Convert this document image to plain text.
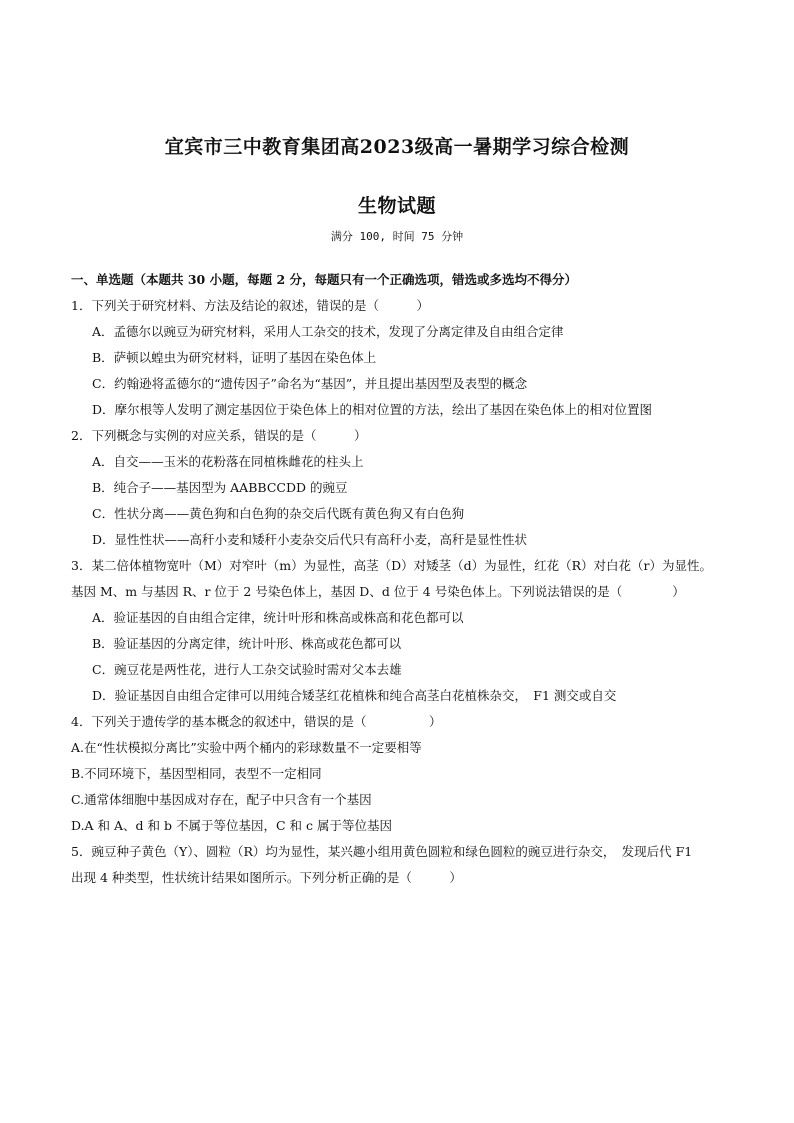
宜宾市三中教育集团高2023级高一暑期学习综合检测
生物试题
满分 100, 时间 75 分钟
一、单选题（本题共 30 小题，每题 2 分，每题只有一个正确选项，错选或多选均不得分）
1．下列关于研究材料、方法及结论的叙述，错误的是（　　　）
A．孟德尔以豌豆为研究材料，采用人工杂交的技术，发现了分离定律及自由组合定律
B．萨顿以蝗虫为研究材料，证明了基因在染色体上
C．约翰逊将孟德尔的“遗传因子”命名为“基因”，并且提出基因型及表型的概念
D．摩尔根等人发明了测定基因位于染色体上的相对位置的方法，绘出了基因在染色体上的相对位置图
2．下列概念与实例的对应关系，错误的是（　　　）
A．自交——玉米的花粉落在同植株雌花的柱头上
B．纯合子——基因型为 AABBCCDD 的豌豆
C．性状分离——黄色狗和白色狗的杂交后代既有黄色狗又有白色狗
D．显性性状——高秆小麦和矮秆小麦杂交后代只有高秆小麦，高秆是显性性状
3．某二倍体植物宽叶（M）对窄叶（m）为显性，高茎（D）对矮茎（d）为显性，红花（R）对白花（r）为显性。
基因 M、m 与基因 R、r 位于 2 号染色体上，基因 D、d 位于 4 号染色体上。下列说法错误的是（　　　　）
A．验证基因的自由组合定律，统计叶形和株高或株高和花色都可以
B．验证基因的分离定律，统计叶形、株高或花色都可以
C．豌豆花是两性花，进行人工杂交试验时需对父本去雄
D．验证基因自由组合定律可以用纯合矮茎红花植株和纯合高茎白花植株杂交，　F1 测交或自交
4．下列关于遗传学的基本概念的叙述中，错误的是（　　　　　）
A.在“性状模拟分离比”实验中两个桶内的彩球数量不一定要相等
B.不同环境下，基因型相同，表型不一定相同
C.通常体细胞中基因成对存在，配子中只含有一个基因
D.A 和 A、d 和 b 不属于等位基因，C 和 c 属于等位基因
5．豌豆种子黄色（Y）、圆粒（R）均为显性，某兴趣小组用黄色圆粒和绿色圆粒的豌豆进行杂交，　发现后代 F1
出现 4 种类型，性状统计结果如图所示。下列分析正确的是（　　　）
